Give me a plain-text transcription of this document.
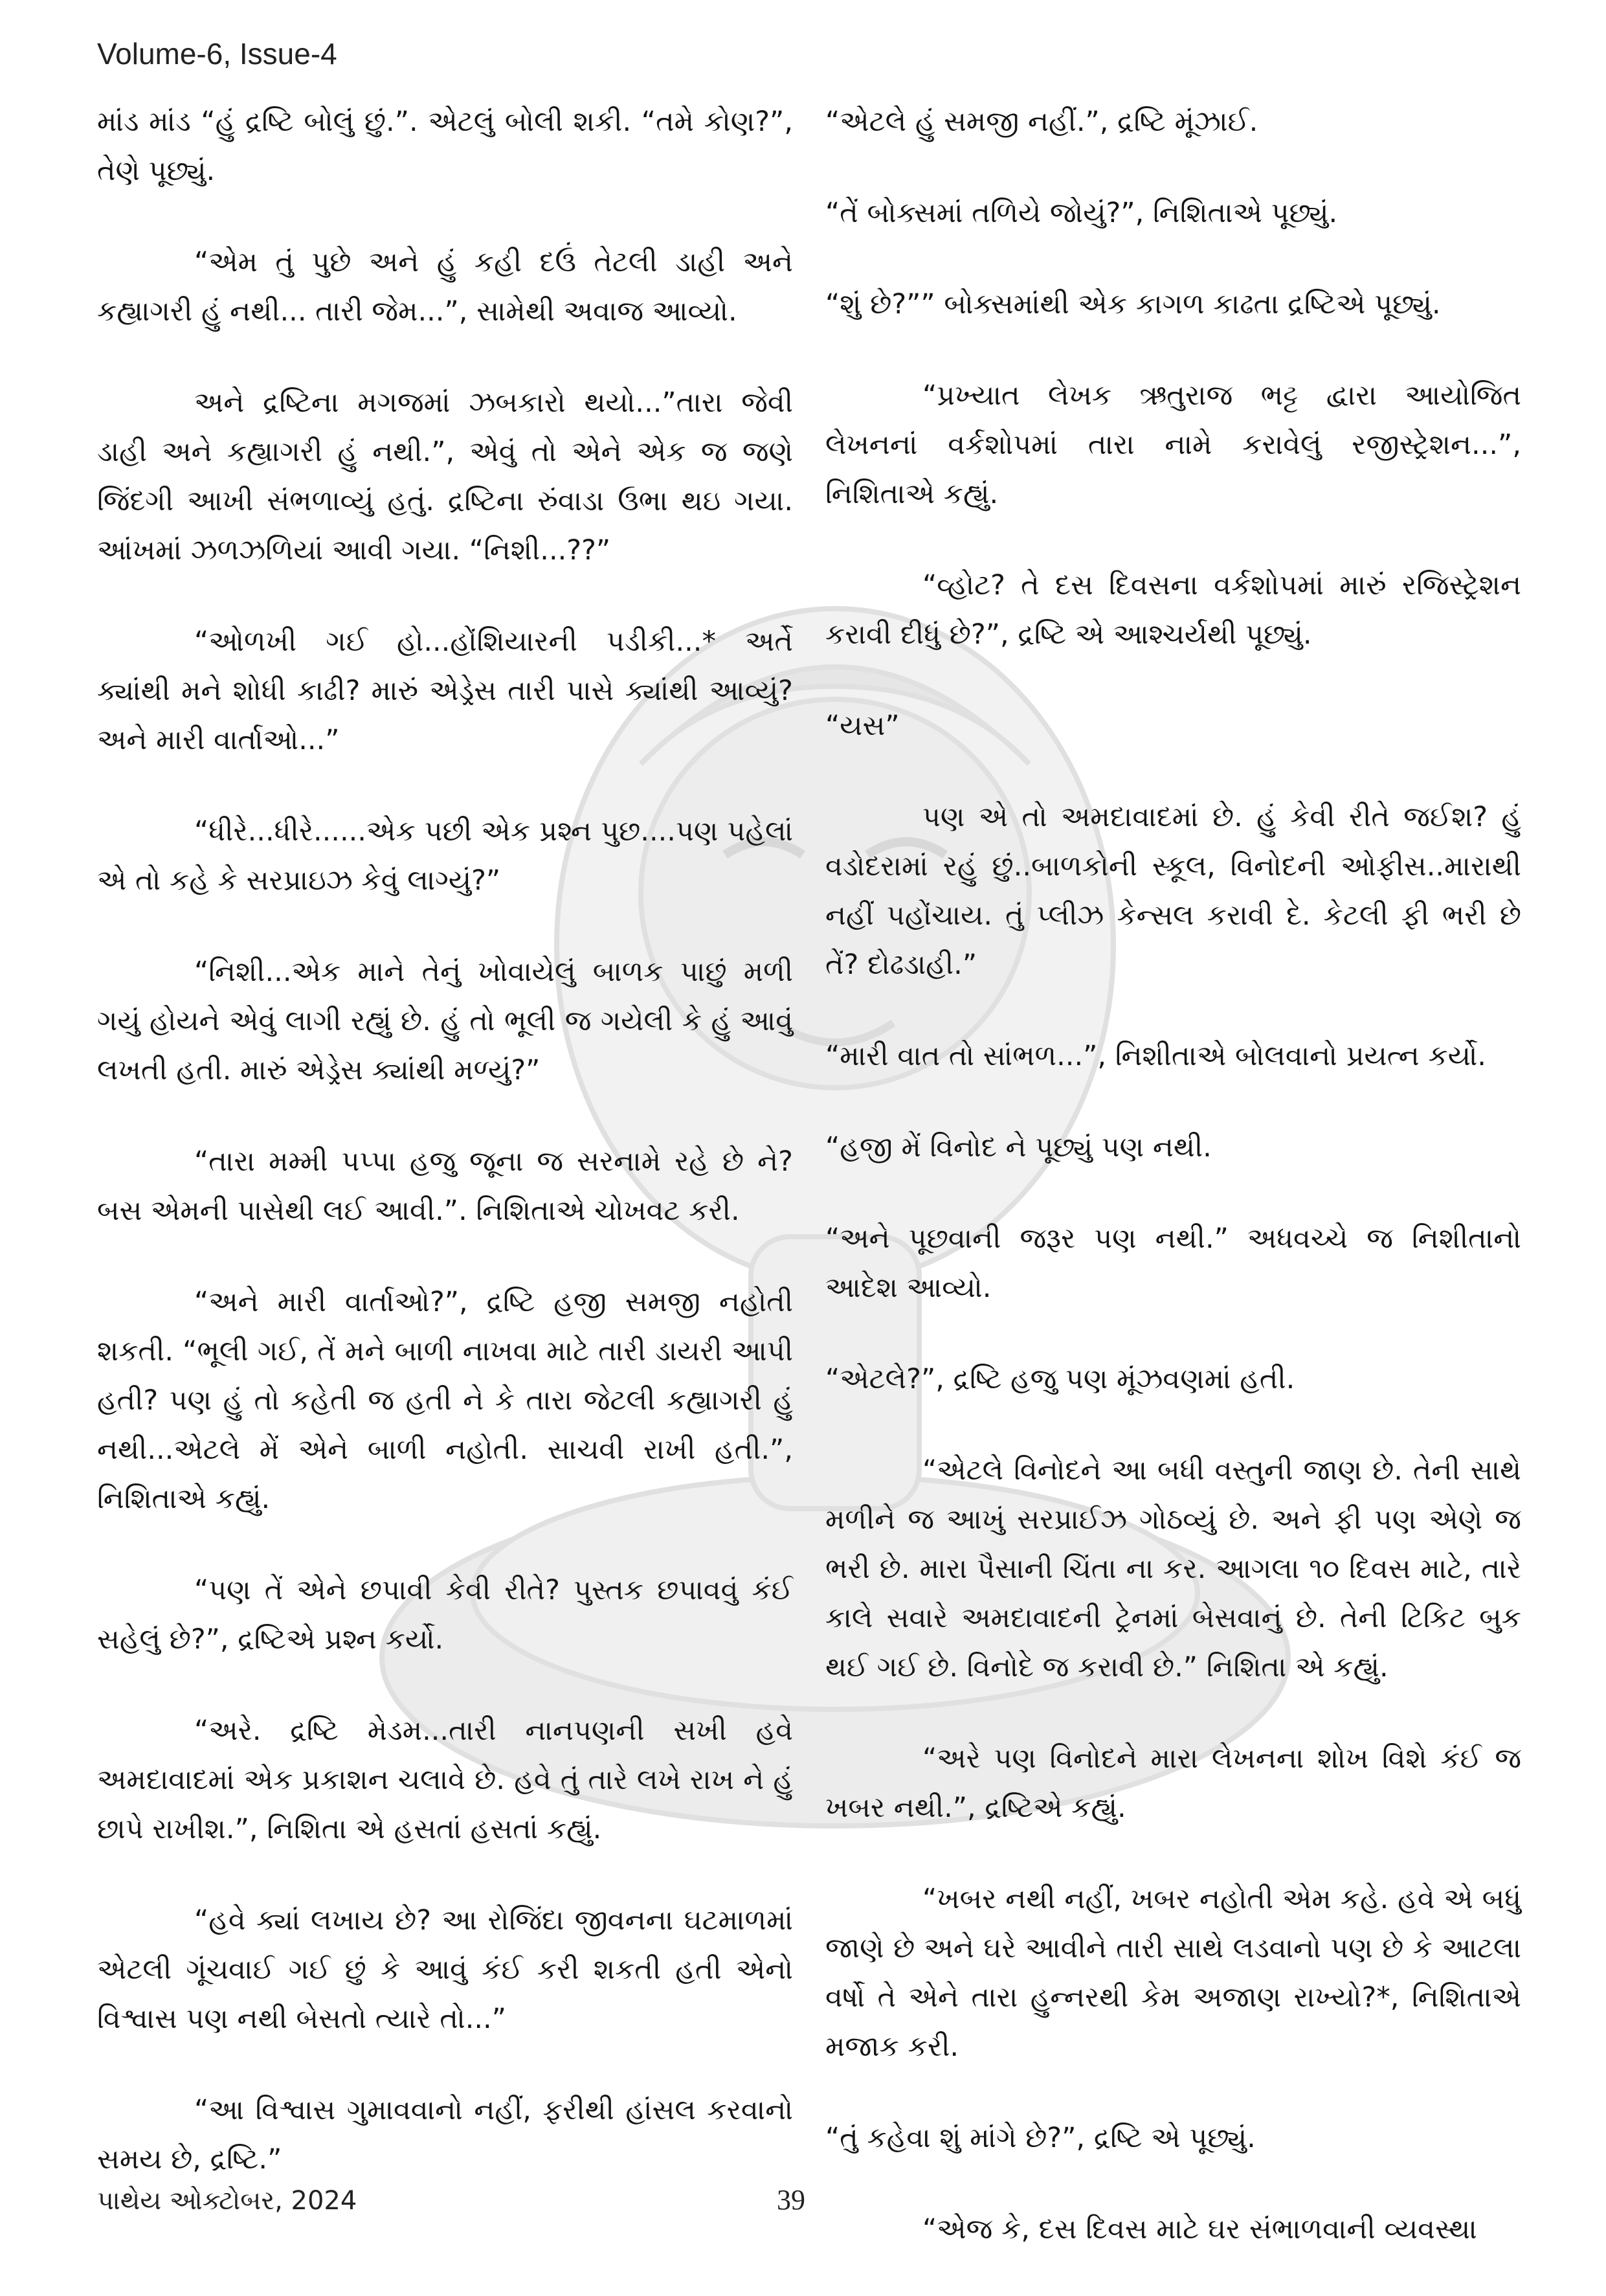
Volume-6, Issue-4

માંડ માંડ “હું દ્રષ્ટિ બોલું છું.”. એટલું બોલી શકી. “તમે કોણ?”, તેણે પૂછ્યું.

“એમ તું પુછે અને હું કહી દઉં તેટલી ડાહી અને કહ્યાગરી હું નથી... તારી જેમ...”, સામેથી અવાજ આવ્યો.

અને દ્રષ્ટિના મગજમાં ઝબકારો થયો...”તારા જેવી ડાહી અને કહ્યાગરી હું નથી.”, એવું તો એને એક જ જણે જિંદગી આખી સંભળાવ્યું હતું. દ્રષ્ટિના રુંવાડા ઉભા થઇ ગયા. આંખમાં ઝળઝળિયાં આવી ગયા. “નિશી...??”

“ઓળખી ગઈ હો...હોંશિયારની પડીકી...* અર્તે ક્યાંથી મને શોધી કાઢી? મારું એડ્રેસ તારી પાસે ક્યાંથી આવ્યું? અને મારી વાર્તાઓ...”

“ધીરે...ધીરે......એક પછી એક પ્રશ્ન પુછ....પણ પહેલાં એ તો કહે કે સરપ્રાઇઝ કેવું લાગ્યું?”

“નિશી...એક માને તેનું ખોવાયેલું બાળક પાછું મળી ગયું હોયને એવું લાગી રહ્યું છે. હું તો ભૂલી જ ગયેલી કે હું આવું લખતી હતી. મારું એડ્રેસ ક્યાંથી મળ્યું?”

“તારા મમ્મી પપ્પા હજુ જૂના જ સરનામે રહે છે ને? બસ એમની પાસેથી લઈ આવી.”. નિશિતાએ ચોખવટ કરી.

“અને મારી વાર્તાઓ?”, દ્રષ્ટિ હજી સમજી નહોતી શકતી. “ભૂલી ગઈ, તેં મને બાળી નાખવા માટે તારી ડાયરી આપી હતી? પણ હું તો કહેતી જ હતી ને કે તારા જેટલી કહ્યાગરી હું નથી...એટલે મેં એને બાળી નહોતી. સાચવી રાખી હતી.”, નિશિતાએ કહ્યું.

“પણ તેં એને છપાવી કેવી રીતે? પુસ્તક છપાવવું કંઈ સહેલું છે?”, દ્રષ્ટિએ પ્રશ્ન કર્યો.

“અરે. દ્રષ્ટિ મેડમ...તારી નાનપણની સખી હવે અમદાવાદમાં એક પ્રકાશન ચલાવે છે. હવે તું તારે લખે રાખ ને હું છાપે રાખીશ.”, નિશિતા એ હસતાં હસતાં કહ્યું.

“હવે ક્યાં લખાય છે? આ રોજિંદા જીવનના ઘટમાળમાં એટલી ગૂંચવાઈ ગઈ છું કે આવું કંઈ કરી શકતી હતી એનો વિશ્વાસ પણ નથી બેસતો ત્યારે તો...”

“આ વિશ્વાસ ગુમાવવાનો નહીં, ફરીથી હાંસલ કરવાનો સમય છે, દ્રષ્ટિ.”

“એટલે હું સમજી નહીં.”, દ્રષ્ટિ મૂંઝાઈ.

“તેં બોક્સમાં તળિયે જોયું?”, નિશિતાએ પૂછ્યું.

“શું છે?”” બોક્સમાંથી એક કાગળ કાઢતા દ્રષ્ટિએ પૂછ્યું.

“પ્રખ્યાત લેખક ઋતુરાજ ભટ્ટ દ્વારા આયોજિત લેખનનાં વર્કશોપમાં તારા નામે કરાવેલું રજીસ્ટ્રેશન...”, નિશિતાએ કહ્યું.

“વ્હોટ? તે દસ દિવસના વર્કશોપમાં મારું રજિસ્ટ્રેશન કરાવી દીધું છે?”, દ્રષ્ટિ એ આશ્ચર્યથી પૂછ્યું.

“યસ”

પણ એ તો અમદાવાદમાં છે. હું કેવી રીતે જઈશ? હું વડોદરામાં રહું છું..બાળકોની સ્કૂલ, વિનોદની ઓફીસ..મારાથી નહીં પહોંચાય. તું પ્લીઝ કેન્સલ કરાવી દે. કેટલી ફી ભરી છે તેં? દોઢડાહી.”

“મારી વાત તો સાંભળ...”, નિશીતાએ બોલવાનો પ્રયત્ન કર્યો.

“હજી મેં વિનોદ ને પૂછ્યું પણ નથી.

“અને પૂછવાની જરૂર પણ નથી.” અધવચ્ચે જ નિશીતાનો આદેશ આવ્યો.

“એટલે?”, દ્રષ્ટિ હજુ પણ મૂંઝવણમાં હતી.

“એટલે વિનોદને આ બધી વસ્તુની જાણ છે. તેની સાથે મળીને જ આખું સરપ્રાઈઝ ગોઠવ્યું છે. અને ફી પણ એણે જ ભરી છે. મારા પૈસાની ચિંતા ના કર. આગલા ૧૦ દિવસ માટે, તારે કાલે સવારે અમદાવાદની ટ્રેનમાં બેસવાનું છે. તેની ટિકિટ બુક થઈ ગઈ છે. વિનોદે જ કરાવી છે.” નિશિતા એ કહ્યું.

“અરે પણ વિનોદને મારા લેખનના શોખ વિશે કંઈ જ ખબર નથી.”, દ્રષ્ટિએ કહ્યું.

“ખબર નથી નહીં, ખબર નહોતી એમ કહે. હવે એ બધું જાણે છે અને ઘરે આવીને તારી સાથે લડવાનો પણ છે કે આટલા વર્ષો તે એને તારા હુન્નરથી કેમ અજાણ રાખ્યો?*, નિશિતાએ મજાક કરી.

“તું કહેવા શું માંગે છે?”, દ્રષ્ટિ એ પૂછ્યું.

“એજ કે, દસ દિવસ માટે ઘર સંભાળવાની વ્યવસ્થા

પાથેય ઓક્ટોબર, 2024	39
